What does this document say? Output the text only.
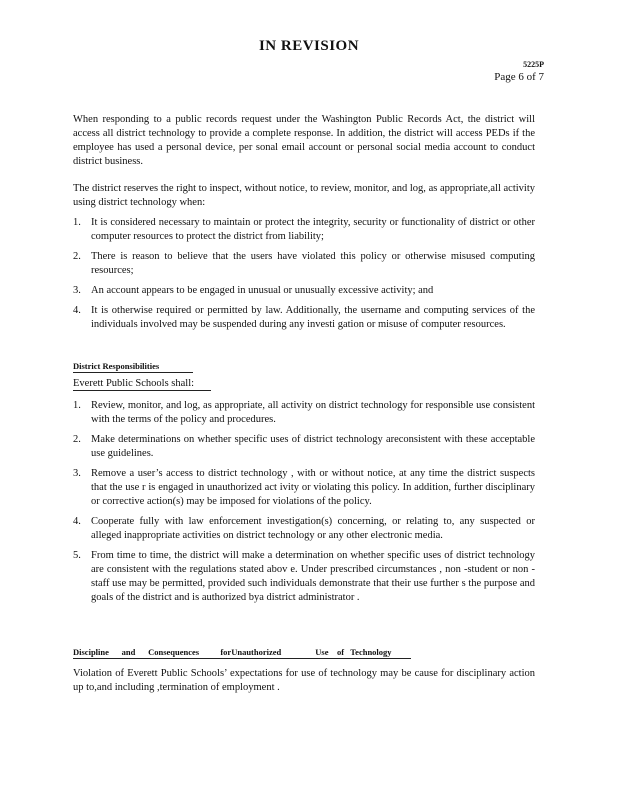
IN REVISION
5225P
Page 6 of 7

When responding to a public records request under the Washington Public Records Act, the district will access all district technology to provide a complete response. In addition, the district will access PEDs if the employee has used a personal device, per sonal email account or personal social media account to conduct district business.

The district reserves the right to inspect, without notice, to review, monitor, and log, as appropriate,all activity using district technology when:

1. It is considered necessary to maintain or protect the integrity, security or functionality of district or other computer resources to protect the district from liability;
2. There is reason to believe that the users have violated this policy or otherwise misused computing resources;
3. An account appears to be engaged in unusual or unusually excessive activity; and
4. It is otherwise required or permitted by law. Additionally, the username and computing services of the individuals involved may be suspended during any investi gation or misuse of computer resources.
District Responsibilities
Everett Public Schools shall:
1. Review, monitor, and log, as appropriate, all activity on district technology for responsible use consistent with the terms of the policy and procedures.
2. Make determinations on whether specific uses of district technology areconsistent with these acceptable use guidelines.
3. Remove a user’s access to district technology , with or without notice, at any time the district suspects that the use r is engaged in unauthorized act ivity or violating this policy. In addition, further disciplinary or corrective action(s) may be imposed for violations of the policy.
4. Cooperate fully with law enforcement investigation(s) concerning, or relating to, any suspected or alleged inappropriate activities on district technology or any other electronic media.
5. From time to time, the district will make a determination on whether specific uses of district technology are consistent with the regulations stated abov e. Under prescribed circumstances , non -student or non -staff use may be permitted, provided such individuals demonstrate that their use further s the purpose and goals of the district and is authorized bya district administrator .
Discipline      and      Consequences          forUnauthorized                Use    of   Technology

Violation of Everett Public Schools’ expectations for use of technology may be cause for disciplinary action up to,and including ,termination of employment .
